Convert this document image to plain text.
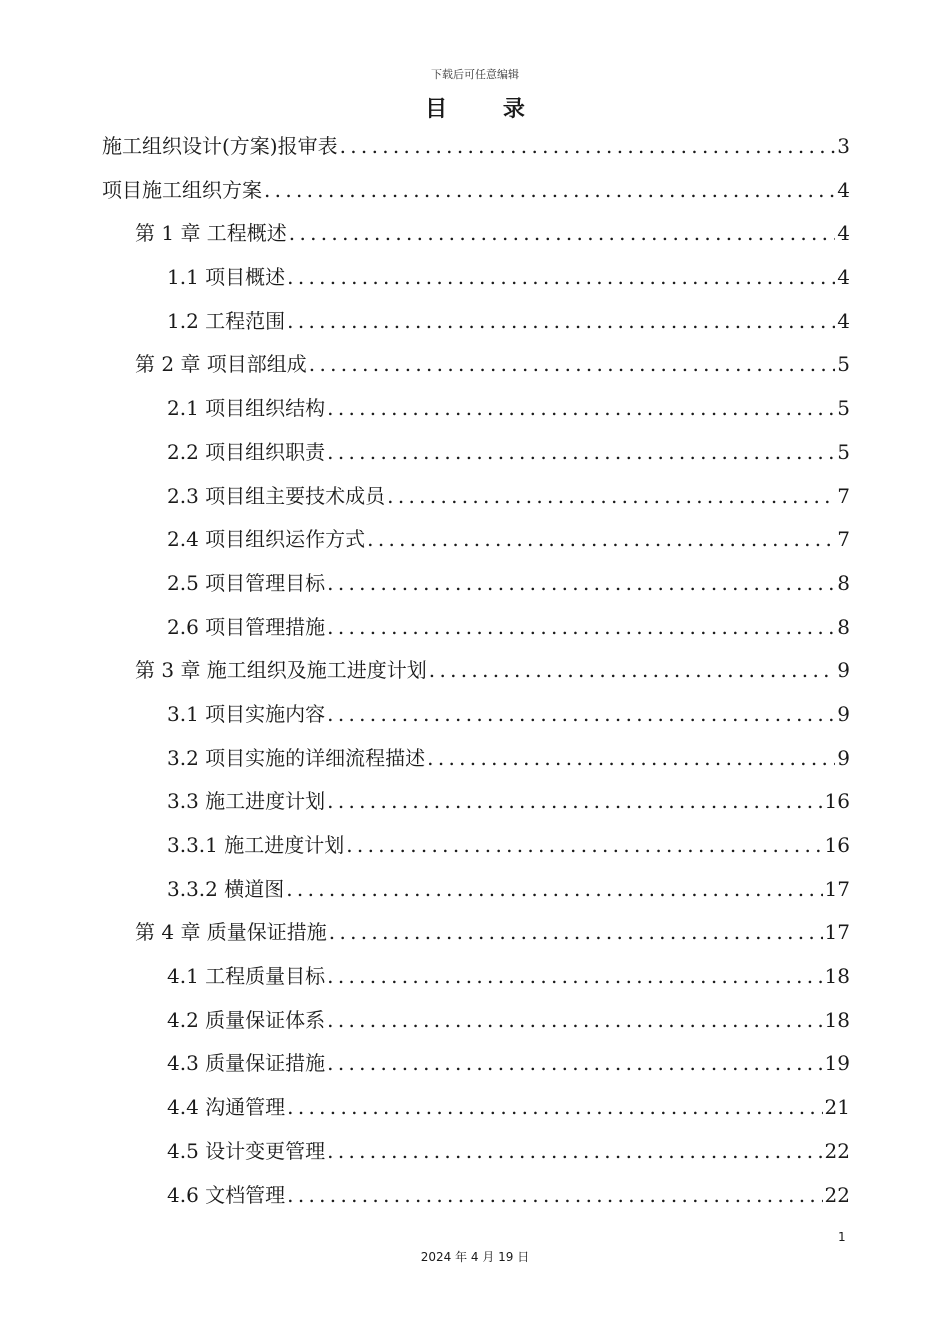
下载后可任意编辑
目 录
施工组织设计(方案)报审表 .....	3
项目施工组织方案 .....	4
第 1 章 工程概述 .....	4
1.1 项目概述 .....	4
1.2 工程范围 .....	4
第 2 章 项目部组成 .....	5
2.1 项目组织结构 .....	5
2.2 项目组织职责 .....	5
2.3 项目组主要技术成员 .....	7
2.4 项目组织运作方式 .....	7
2.5 项目管理目标 .....	8
2.6 项目管理措施 .....	8
第 3 章 施工组织及施工进度计划 .....	9
3.1 项目实施内容 .....	9
3.2 项目实施的详细流程描述 .....	9
3.3 施工进度计划 .....	16
3.3.1 施工进度计划 .....	16
3.3.2 横道图 .....	17
第 4 章 质量保证措施 .....	17
4.1 工程质量目标 .....	18
4.2 质量保证体系 .....	18
4.3 质量保证措施 .....	19
4.4 沟通管理 .....	21
4.5 设计变更管理 .....	22
4.6 文档管理 .....	22
1
2024 年 4 月 19 日
